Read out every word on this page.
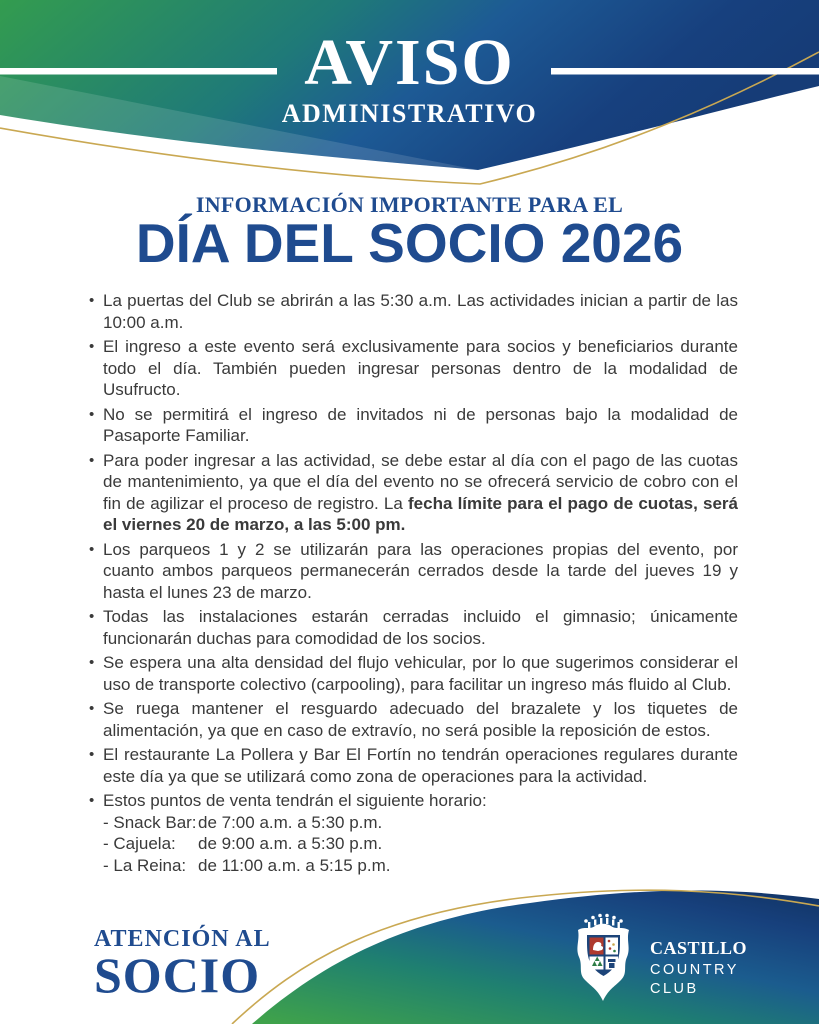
AVISO
ADMINISTRATIVO
INFORMACIÓN IMPORTANTE PARA EL
DÍA DEL SOCIO 2026
• La puertas del Club se abrirán a las 5:30 a.m. Las actividades inician a partir de las 10:00 a.m.
• El ingreso a este evento será exclusivamente para socios y beneficiarios durante todo el día. También pueden ingresar personas dentro de la modalidad de Usufructo.
• No se permitirá el ingreso de invitados ni de personas bajo la modalidad de Pasaporte Familiar.
• Para poder ingresar a las actividad, se debe estar al día con el pago de las cuotas de mantenimiento, ya que el día del evento no se ofrecerá servicio de cobro con el fin de agilizar el proceso de registro. La fecha límite para el pago de cuotas, será el viernes 20 de marzo, a las 5:00 pm.
• Los parqueos 1 y 2 se utilizarán para las operaciones propias del evento, por cuanto ambos parqueos permanecerán cerrados desde la tarde del jueves 19 y hasta el lunes 23 de marzo.
• Todas las instalaciones estarán cerradas incluido el gimnasio; únicamente funcionarán duchas para comodidad de los socios.
• Se espera una alta densidad del flujo vehicular, por lo que sugerimos considerar el uso de transporte colectivo (carpooling), para facilitar un ingreso más fluido al Club.
• Se ruega mantener el resguardo adecuado del brazalete y los tiquetes de alimentación, ya que en caso de extravío, no será posible la reposición de estos.
• El restaurante La Pollera y Bar El Fortín no tendrán operaciones regulares durante este día ya que se utilizará como zona de operaciones para la actividad.
• Estos puntos de venta tendrán el siguiente horario:
- Snack Bar:de 7:00 a.m. a 5:30 p.m.
- Cajuela: de 9:00 a.m. a 5:30 p.m.
- La Reina: de 11:00 a.m. a 5:15 p.m.
ATENCIÓN AL
SOCIO	CASTILLO
COUNTRY
CLUB
